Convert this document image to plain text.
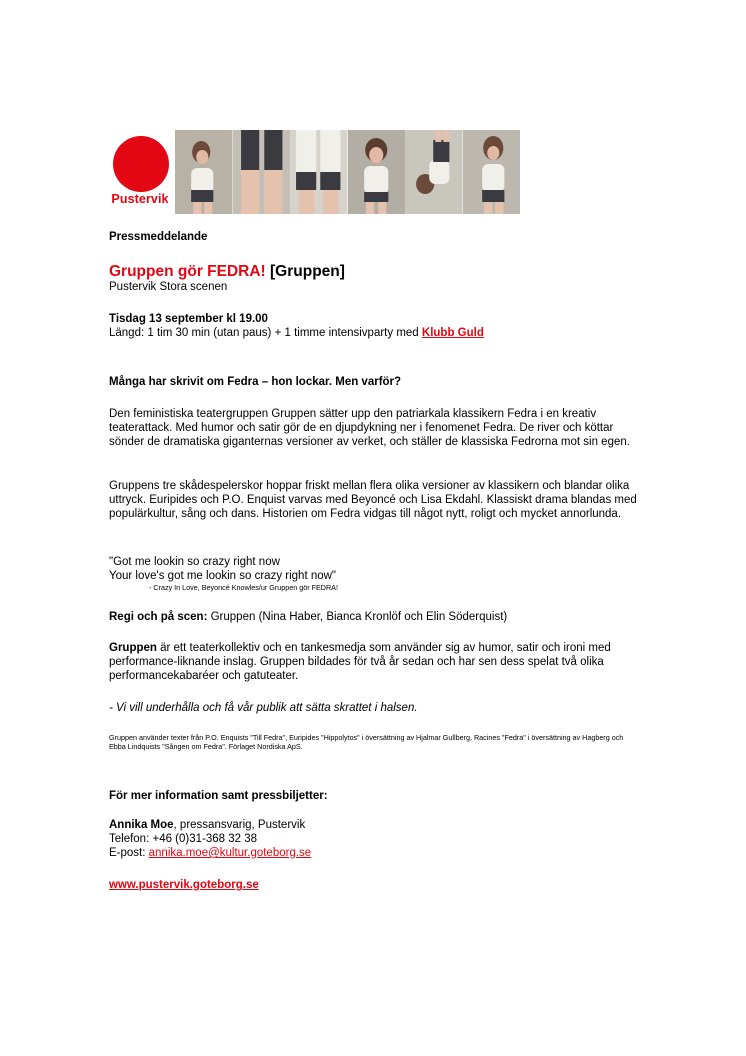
Pustervik
Pressmeddelande
Gruppen gör FEDRA! [Gruppen]
Pustervik Stora scenen
Tisdag 13 september kl 19.00
Längd: 1 tim 30 min (utan paus) + 1 timme intensivparty med Klubb Guld
Många har skrivit om Fedra – hon lockar. Men varför?
Den feministiska teatergruppen Gruppen sätter upp den patriarkala klassikern Fedra i en kreativ teaterattack. Med humor och satir gör de en djupdykning ner i fenomenet Fedra. De river och köttar sönder de dramatiska giganternas versioner av verket, och ställer de klassiska Fedrorna mot sin egen.
Gruppens tre skådespelerskor hoppar friskt mellan flera olika versioner av klassikern och blandar olika uttryck. Euripides och P.O. Enquist varvas med Beyoncé och Lisa Ekdahl. Klassiskt drama blandas med populärkultur, sång och dans. Historien om Fedra vidgas till något nytt, roligt och mycket annorlunda.
"Got me lookin so crazy right now
Your love's got me lookin so crazy right now"
- Crazy In Love, Beyoncé Knowles/ur Gruppen gör FEDRA!
Regi och på scen: Gruppen (Nina Haber, Bianca Kronlöf och Elin Söderquist)
Gruppen är ett teaterkollektiv och en tankesmedja som använder sig av humor, satir och ironi med performance-liknande inslag. Gruppen bildades för två år sedan och har sen dess spelat två olika performancekabaréer och gatuteater.
- Vi vill underhålla och få vår publik att sätta skrattet i halsen.
Gruppen använder texter från P.O. Enquists "Till Fedra", Euripides "Hippolytos" i översättning av Hjalmar Gullberg, Racines "Fedra" i översättning av Hagberg och Ebba Lindquists "Sången om Fedra". Förlaget Nordiska ApS.
För mer information samt pressbiljetter:
Annika Moe, pressansvarig, Pustervik
Telefon: +46 (0)31-368 32 38
E-post: annika.moe@kultur.goteborg.se
www.pustervik.goteborg.se
